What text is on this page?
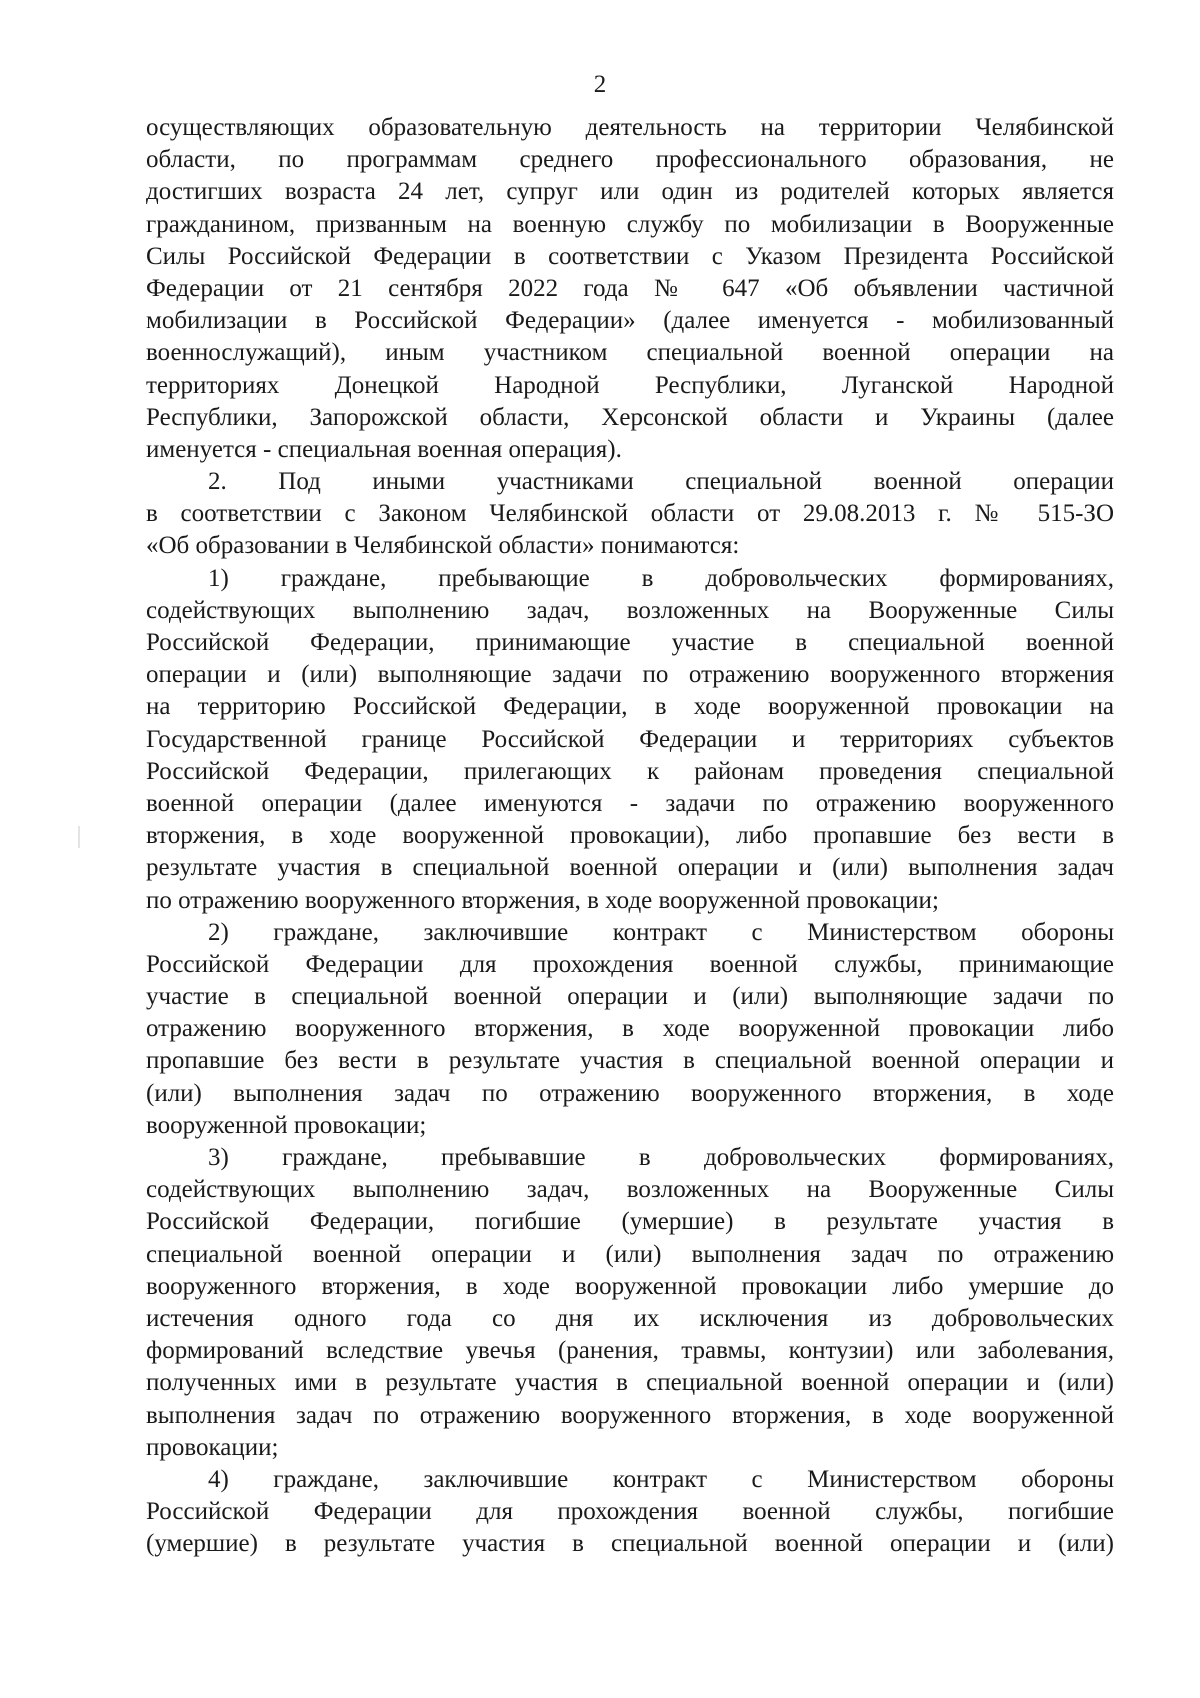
2
осуществляющих образовательную деятельность на территории Челябинской
области, по программам среднего профессионального образования, не
достигших возраста 24 лет, супруг или один из родителей которых является
гражданином, призванным на военную службу по мобилизации в Вооруженные
Силы Российской Федерации в соответствии с Указом Президента Российской
Федерации от 21 сентября 2022 года № 647 «Об объявлении частичной
мобилизации в Российской Федерации» (далее именуется - мобилизованный
военнослужащий), иным участником специальной военной операции на
территориях Донецкой Народной Республики, Луганской Народной
Республики, Запорожской области, Херсонской области и Украины (далее
именуется - специальная военная операция).
2. Под иными участниками специальной военной операции
в соответствии с Законом Челябинской области от 29.08.2013 г. № 515-ЗО
«Об образовании в Челябинской области» понимаются:
1) граждане, пребывающие в добровольческих формированиях,
содействующих выполнению задач, возложенных на Вооруженные Силы
Российской Федерации, принимающие участие в специальной военной
операции и (или) выполняющие задачи по отражению вооруженного вторжения
на территорию Российской Федерации, в ходе вооруженной провокации на
Государственной границе Российской Федерации и территориях субъектов
Российской Федерации, прилегающих к районам проведения специальной
военной операции (далее именуются - задачи по отражению вооруженного
вторжения, в ходе вооруженной провокации), либо пропавшие без вести в
результате участия в специальной военной операции и (или) выполнения задач
по отражению вооруженного вторжения, в ходе вооруженной провокации;
2) граждане, заключившие контракт с Министерством обороны
Российской Федерации для прохождения военной службы, принимающие
участие в специальной военной операции и (или) выполняющие задачи по
отражению вооруженного вторжения, в ходе вооруженной провокации либо
пропавшие без вести в результате участия в специальной военной операции и
(или) выполнения задач по отражению вооруженного вторжения, в ходе
вооруженной провокации;
3) граждане, пребывавшие в добровольческих формированиях,
содействующих выполнению задач, возложенных на Вооруженные Силы
Российской Федерации, погибшие (умершие) в результате участия в
специальной военной операции и (или) выполнения задач по отражению
вооруженного вторжения, в ходе вооруженной провокации либо умершие до
истечения одного года со дня их исключения из добровольческих
формирований вследствие увечья (ранения, травмы, контузии) или заболевания,
полученных ими в результате участия в специальной военной операции и (или)
выполнения задач по отражению вооруженного вторжения, в ходе вооруженной
провокации;
4) граждане, заключившие контракт с Министерством обороны
Российской Федерации для прохождения военной службы, погибшие
(умершие) в результате участия в специальной военной операции и (или)
